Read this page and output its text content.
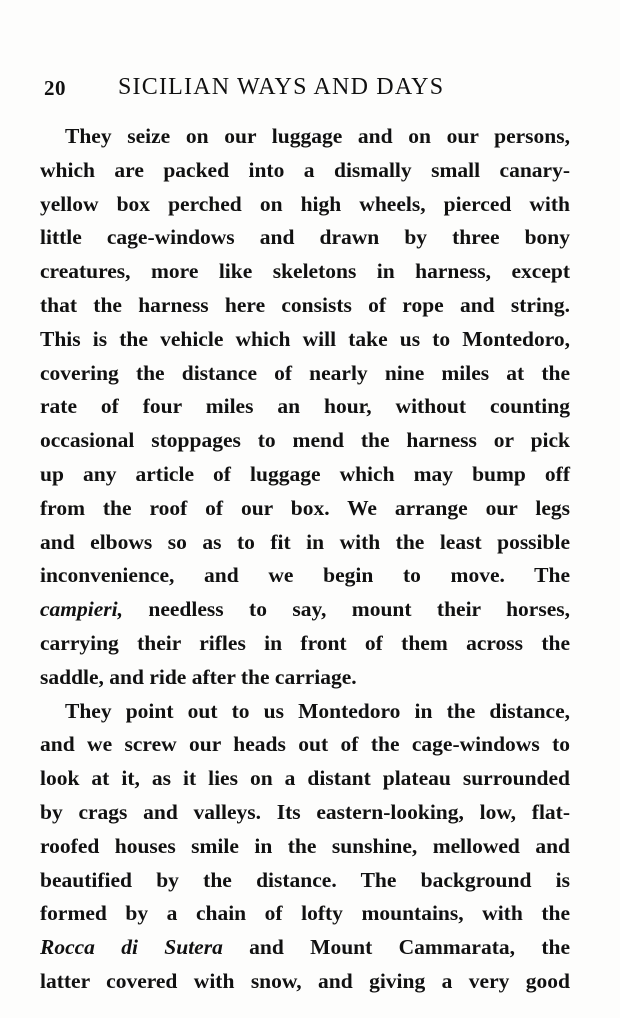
20 SICILIAN WAYS AND DAYS
They seize on our luggage and on our persons,
which are packed into a dismally small canary-
yellow box perched on high wheels, pierced with
little cage-windows and drawn by three bony
creatures, more like skeletons in harness, except
that the harness here consists of rope and string.
This is the vehicle which will take us to Montedoro,
covering the distance of nearly nine miles at the
rate of four miles an hour, without counting
occasional stoppages to mend the harness or pick
up any article of luggage which may bump off
from the roof of our box. We arrange our legs
and elbows so as to fit in with the least possible
inconvenience, and we begin to move. The
campieri, needless to say, mount their horses,
carrying their rifles in front of them across the
saddle, and ride after the carriage.
They point out to us Montedoro in the distance,
and we screw our heads out of the cage-windows to
look at it, as it lies on a distant plateau surrounded
by crags and valleys. Its eastern-looking, low, flat-
roofed houses smile in the sunshine, mellowed and
beautified by the distance. The background is
formed by a chain of lofty mountains, with the
Rocca di Sutera and Mount Cammarata, the
latter covered with snow, and giving a very good
